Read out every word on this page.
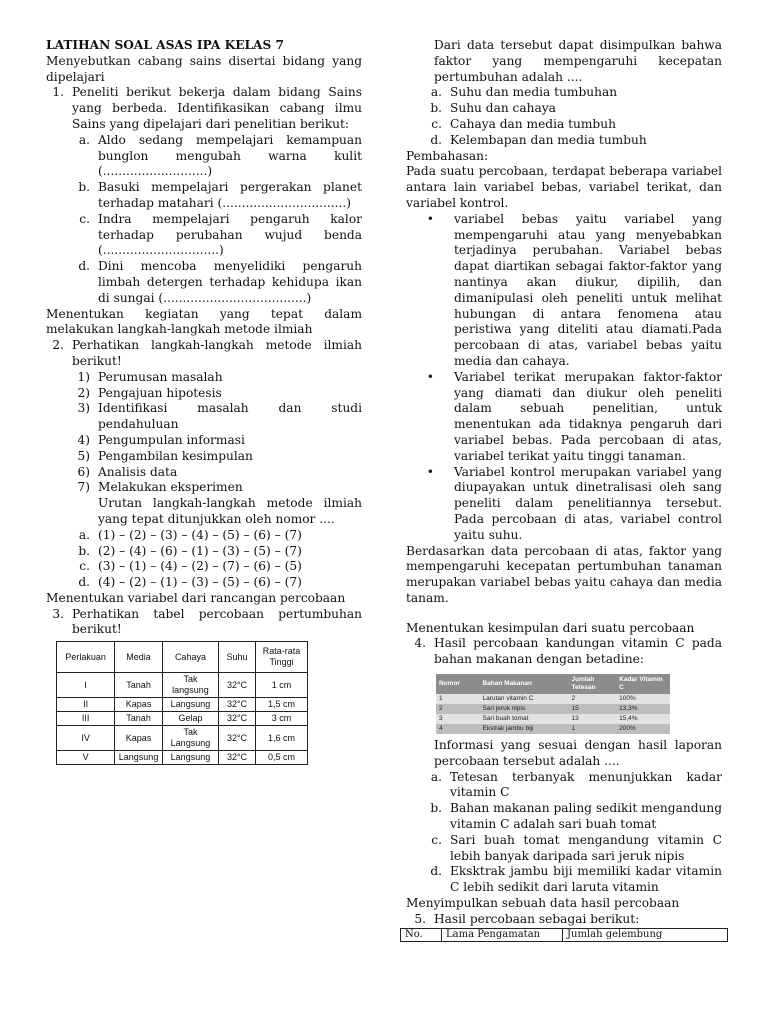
LATIHAN SOAL ASAS IPA KELAS 7

Menyebutkan cabang sains disertai bidang yang dipelajari

1. Peneliti berikut bekerja dalam bidang Sains yang berbeda. Identifikasikan cabang ilmu Sains yang dipelajari dari penelitian berikut:
a. Aldo sedang mempelajari kemampuan bunglon mengubah warna kulit (...........................)
b. Basuki mempelajari pergerakan planet terhadap matahari (................................)
c. Indra mempelajari pengaruh kalor terhadap perubahan wujud benda (..............................)
d. Dini mencoba menyelidiki pengaruh limbah detergen terhadap kehidupa ikan di sungai (.....................................)

Menentukan kegiatan yang tepat dalam melakukan langkah-langkah metode ilmiah

2. Perhatikan langkah-langkah metode ilmiah berikut!
1) Perumusan masalah
2) Pengajuan hipotesis
3) Identifikasi masalah dan studi pendahuluan
4) Pengumpulan informasi
5) Pengambilan kesimpulan
6) Analisis data
7) Melakukan eksperimen

Urutan langkah-langkah metode ilmiah yang tepat ditunjukkan oleh nomor ....

a. (1) – (2) – (3) – (4) – (5) – (6) – (7)
b. (2) – (4) – (6) – (1) – (3) – (5) – (7)
c. (3) – (1) – (4) – (2) – (7) – (6) – (5)
d. (4) – (2) – (1) – (3) – (5) – (6) – (7)

Menentukan variabel dari rancangan percobaan

3. Perhatikan tabel percobaan pertumbuhan berikut!
Perlakuan	Media	Cahaya	Suhu	Rata-rata Tinggi
I	Tanah	Tak langsung	32°C	1 cm
II	Kapas	Langsung	32°C	1,5 cm
III	Tanah	Gelap	32°C	3 cm
IV	Kapas	Tak Langsung	32°C	1,6 cm
V	Langsung	Langsung	32°C	0,5 cm

Dari data tersebut dapat disimpulkan bahwa faktor yang mempengaruhi kecepatan pertumbuhan adalah ....

a. Suhu dan media tumbuhan
b. Suhu dan cahaya
c. Cahaya dan media tumbuh
d. Kelembapan dan media tumbuh

Pembahasan:

Pada suatu percobaan, terdapat beberapa variabel antara lain variabel bebas, variabel terikat, dan variabel kontrol.

•	variabel bebas yaitu variabel yang mempengaruhi atau yang menyebabkan terjadinya perubahan. Variabel bebas dapat diartikan sebagai faktor-faktor yang nantinya akan diukur, dipilih, dan dimanipulasi oleh peneliti untuk melihat hubungan di antara fenomena atau peristiwa yang diteliti atau diamati.Pada percobaan di atas, variabel bebas yaitu media dan cahaya.
•	Variabel terikat merupakan faktor-faktor yang diamati dan diukur oleh peneliti dalam sebuah penelitian, untuk menentukan ada tidaknya pengaruh dari variabel bebas. Pada percobaan di atas, variabel terikat yaitu tinggi tanaman.
•	Variabel kontrol merupakan variabel yang diupayakan untuk dinetralisasi oleh sang peneliti dalam penelitiannya tersebut. Pada percobaan di atas, variabel control yaitu suhu.

Berdasarkan data percobaan di atas, faktor yang mempengaruhi kecepatan pertumbuhan tanaman merupakan variabel bebas yaitu cahaya dan media tanam.

Menentukan kesimpulan dari suatu percobaan

4. Hasil percobaan kandungan vitamin C pada bahan makanan dengan betadine:
Nomor	Bahan Makanan	Jumlah Tetesan	Kadar Vitamin C
1	Larutan vitamin C	2	100%
2	Sari jeruk nipis	15	13,3%
3	Sari buah tomat	13	15,4%
4	Ekstrak jambu biji	1	200%

Informasi yang sesuai dengan hasil laporan percobaan tersebut adalah ....

a. Tetesan terbanyak menunjukkan kadar vitamin C
b. Bahan makanan paling sedikit mengandung vitamin C adalah sari buah tomat
c. Sari buah tomat mengandung vitamin C lebih banyak daripada sari jeruk nipis
d. Eksktrak jambu biji memiliki kadar vitamin C lebih sedikit dari laruta vitamin

Menyimpulkan sebuah data hasil percobaan

5. Hasil percobaan sebagai berikut:
No.	Lama Pengamatan	Jumlah gelembung
